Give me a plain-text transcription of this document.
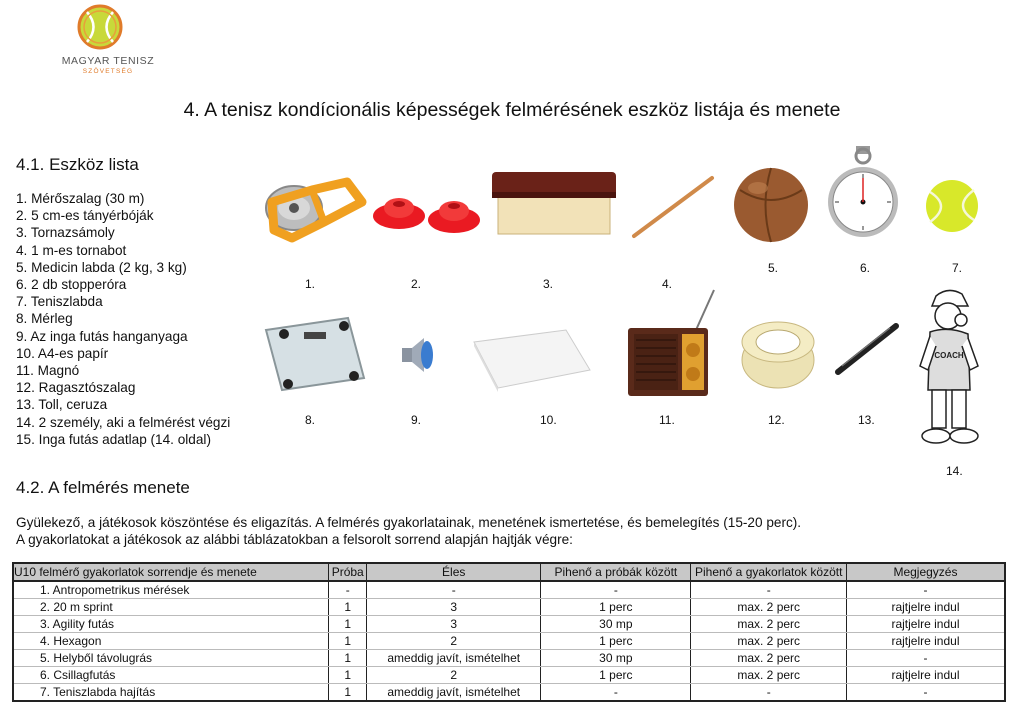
MAGYAR TENISZ
SZÖVETSÉG
4. A tenisz kondícionális képességek felmérésének eszköz listája és menete
4.1. Eszköz lista
1. Mérőszalag (30 m)
2. 5 cm-es tányérbóják
3. Tornazsámoly
4. 1 m-es tornabot
5. Medicin labda (2 kg, 3 kg)
6. 2 db stopperóra
7. Teniszlabda
8. Mérleg
9. Az inga futás hanganyaga
10. A4-es papír
11. Magnó
12. Ragasztószalag
13. Toll, ceruza
14. 2 személy, aki a felmérést végzi
15. Inga futás adatlap (14. oldal)
COACH
1.	2.	3.	4.
5.	6.	7.
8.	9.	10.	11.	12.	13.
14.
4.2. A felmérés menete
Gyülekező, a játékosok köszöntése és eligazítás. A felmérés gyakorlatainak, menetének ismertetése, és bemelegítés (15-20 perc).
A gyakorlatokat a játékosok az alábbi táblázatokban a felsorolt sorrend alapján hajtják végre:
U10 felmérő gyakorlatok sorrendje és menete	Próba	Éles	Pihenő a próbák között	Pihenő a gyakorlatok között	Megjegyzés
1. Antropometrikus mérések	-	-	-	-	-
2. 20 m sprint	1	3	1 perc	max. 2 perc	rajtjelre indul
3. Agility futás	1	3	30 mp	max. 2 perc	rajtjelre indul
4. Hexagon	1	2	1 perc	max. 2 perc	rajtjelre indul
5. Helyből távolugrás	1	ameddig javít, ismételhet	30 mp	max. 2 perc	-
6. Csillagfutás	1	2	1 perc	max. 2 perc	rajtjelre indul
7. Teniszlabda hajítás	1	ameddig javít, ismételhet	-	-	-
